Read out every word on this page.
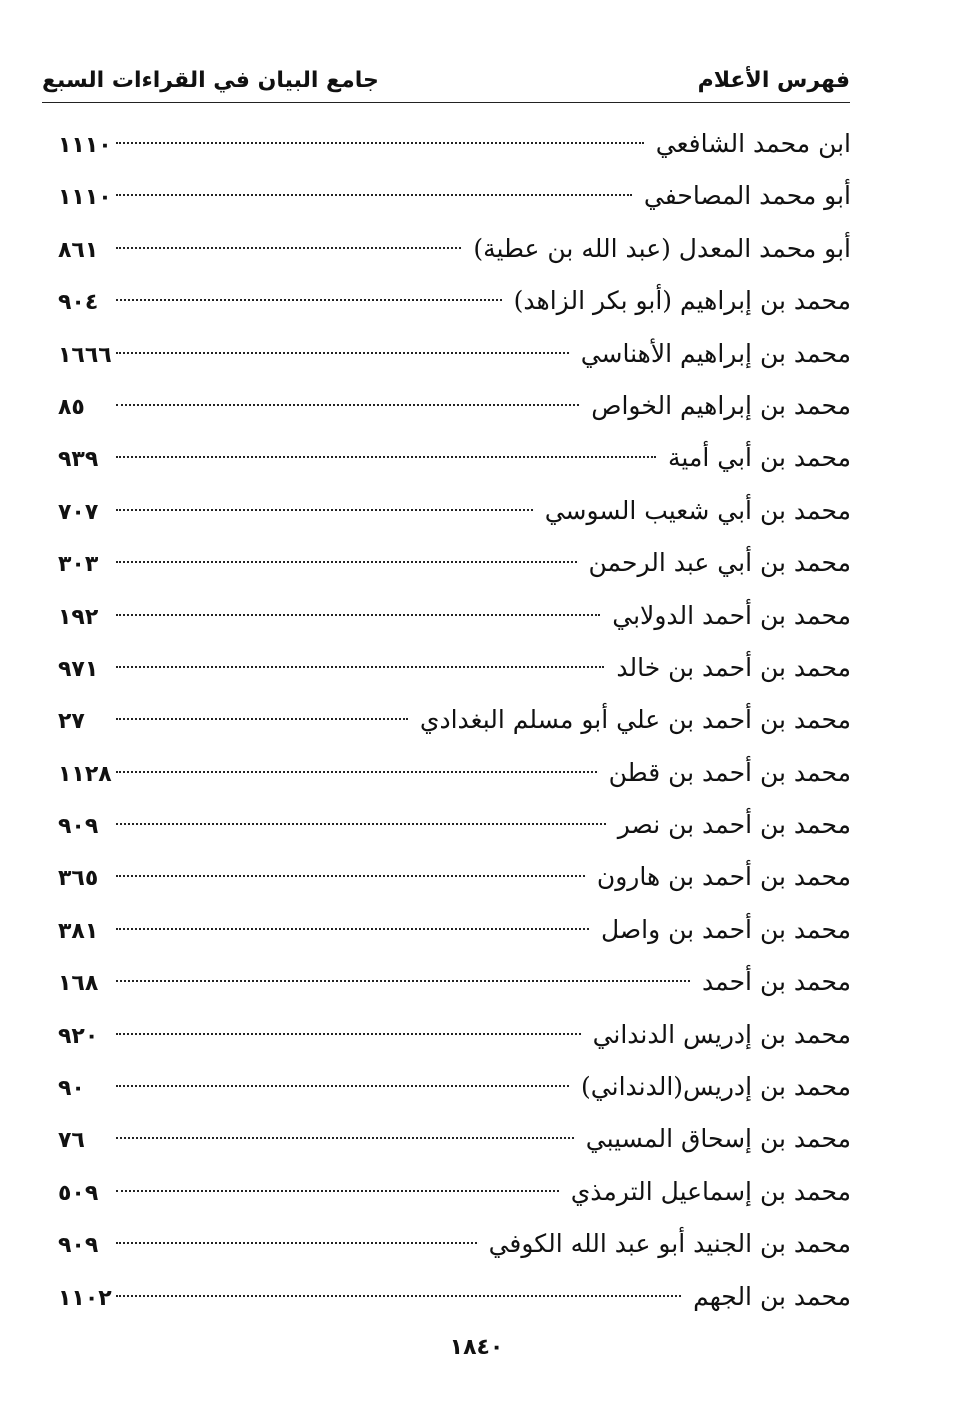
فهرس الأعلام
جامع البيان في القراءات السبع
ابن محمد الشافعي
١١١٠
أبو محمد المصاحفي
١١١٠
أبو محمد المعدل (عبد الله بن عطية)
٨٦١
محمد بن إبراهيم (أبو بكر الزاهد)
٩٠٤
محمد بن إبراهيم الأهناسي
١٦٦٦
محمد بن إبراهيم الخواص
٨٥
محمد بن أبي أمية
٩٣٩
محمد بن أبي شعيب السوسي
٧٠٧
محمد بن أبي عبد الرحمن
٣٠٣
محمد بن أحمد الدولابي
١٩٢
محمد بن أحمد بن خالد
٩٧١
محمد بن أحمد بن علي أبو مسلم البغدادي
٢٧
محمد بن أحمد بن قطن
١١٢٨
محمد بن أحمد بن نصر
٩٠٩
محمد بن أحمد بن هارون
٣٦٥
محمد بن أحمد بن واصل
٣٨١
محمد بن أحمد
١٦٨
محمد بن إدريس الدنداني
٩٢٠
محمد بن إدريس(الدنداني)
٩٠
محمد بن إسحاق المسيبي
٧٦
محمد بن إسماعيل الترمذي
٥٠٩
محمد بن الجنيد أبو عبد الله الكوفي
٩٠٩
محمد بن الجهم
١١٠٢
١٨٤٠
